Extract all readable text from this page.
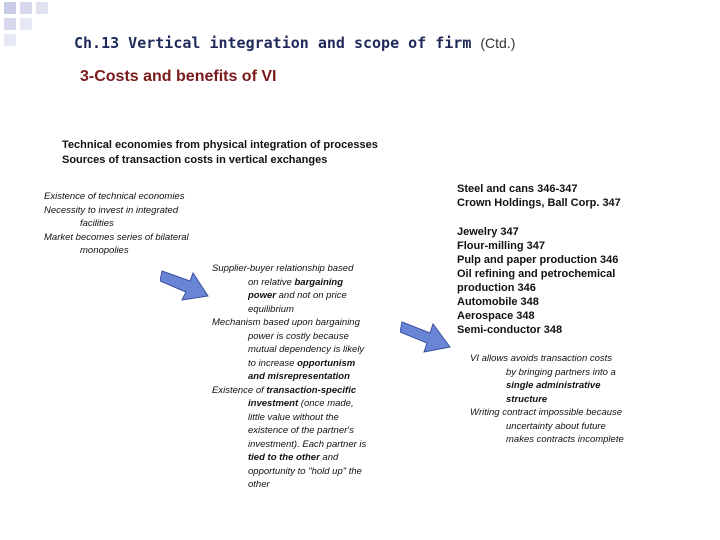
Ch.13 Vertical integration and scope of firm (Ctd.)
3-Costs and benefits of VI
Technical economies from physical integration of processes
Sources of transaction costs in vertical exchanges
Existence of technical economies
Necessity to invest in integrated
facilities
Market becomes series of bilateral
monopolies
Supplier-buyer relationship based
on relative bargaining
power and not on price
equilibrium
Mechanism based upon bargaining
power is costly because
mutual dependency is likely
to increase opportunism
and misrepresentation
Existence of transaction-specific
investment (once made,
little value without the
existence of the partner's
investment). Each partner is
tied to the other and
opportunity to "hold up" the
other
Steel and cans 346-347
Crown Holdings, Ball Corp. 347
Jewelry 347
Flour-milling 347
Pulp and paper production 346
Oil refining and petrochemical
production 346
Automobile 348
Aerospace 348
Semi-conductor 348
VI allows avoids transaction costs
by bringing partners into a
single administrative
structure
Writing contract impossible because
uncertainty about future
makes contracts incomplete
